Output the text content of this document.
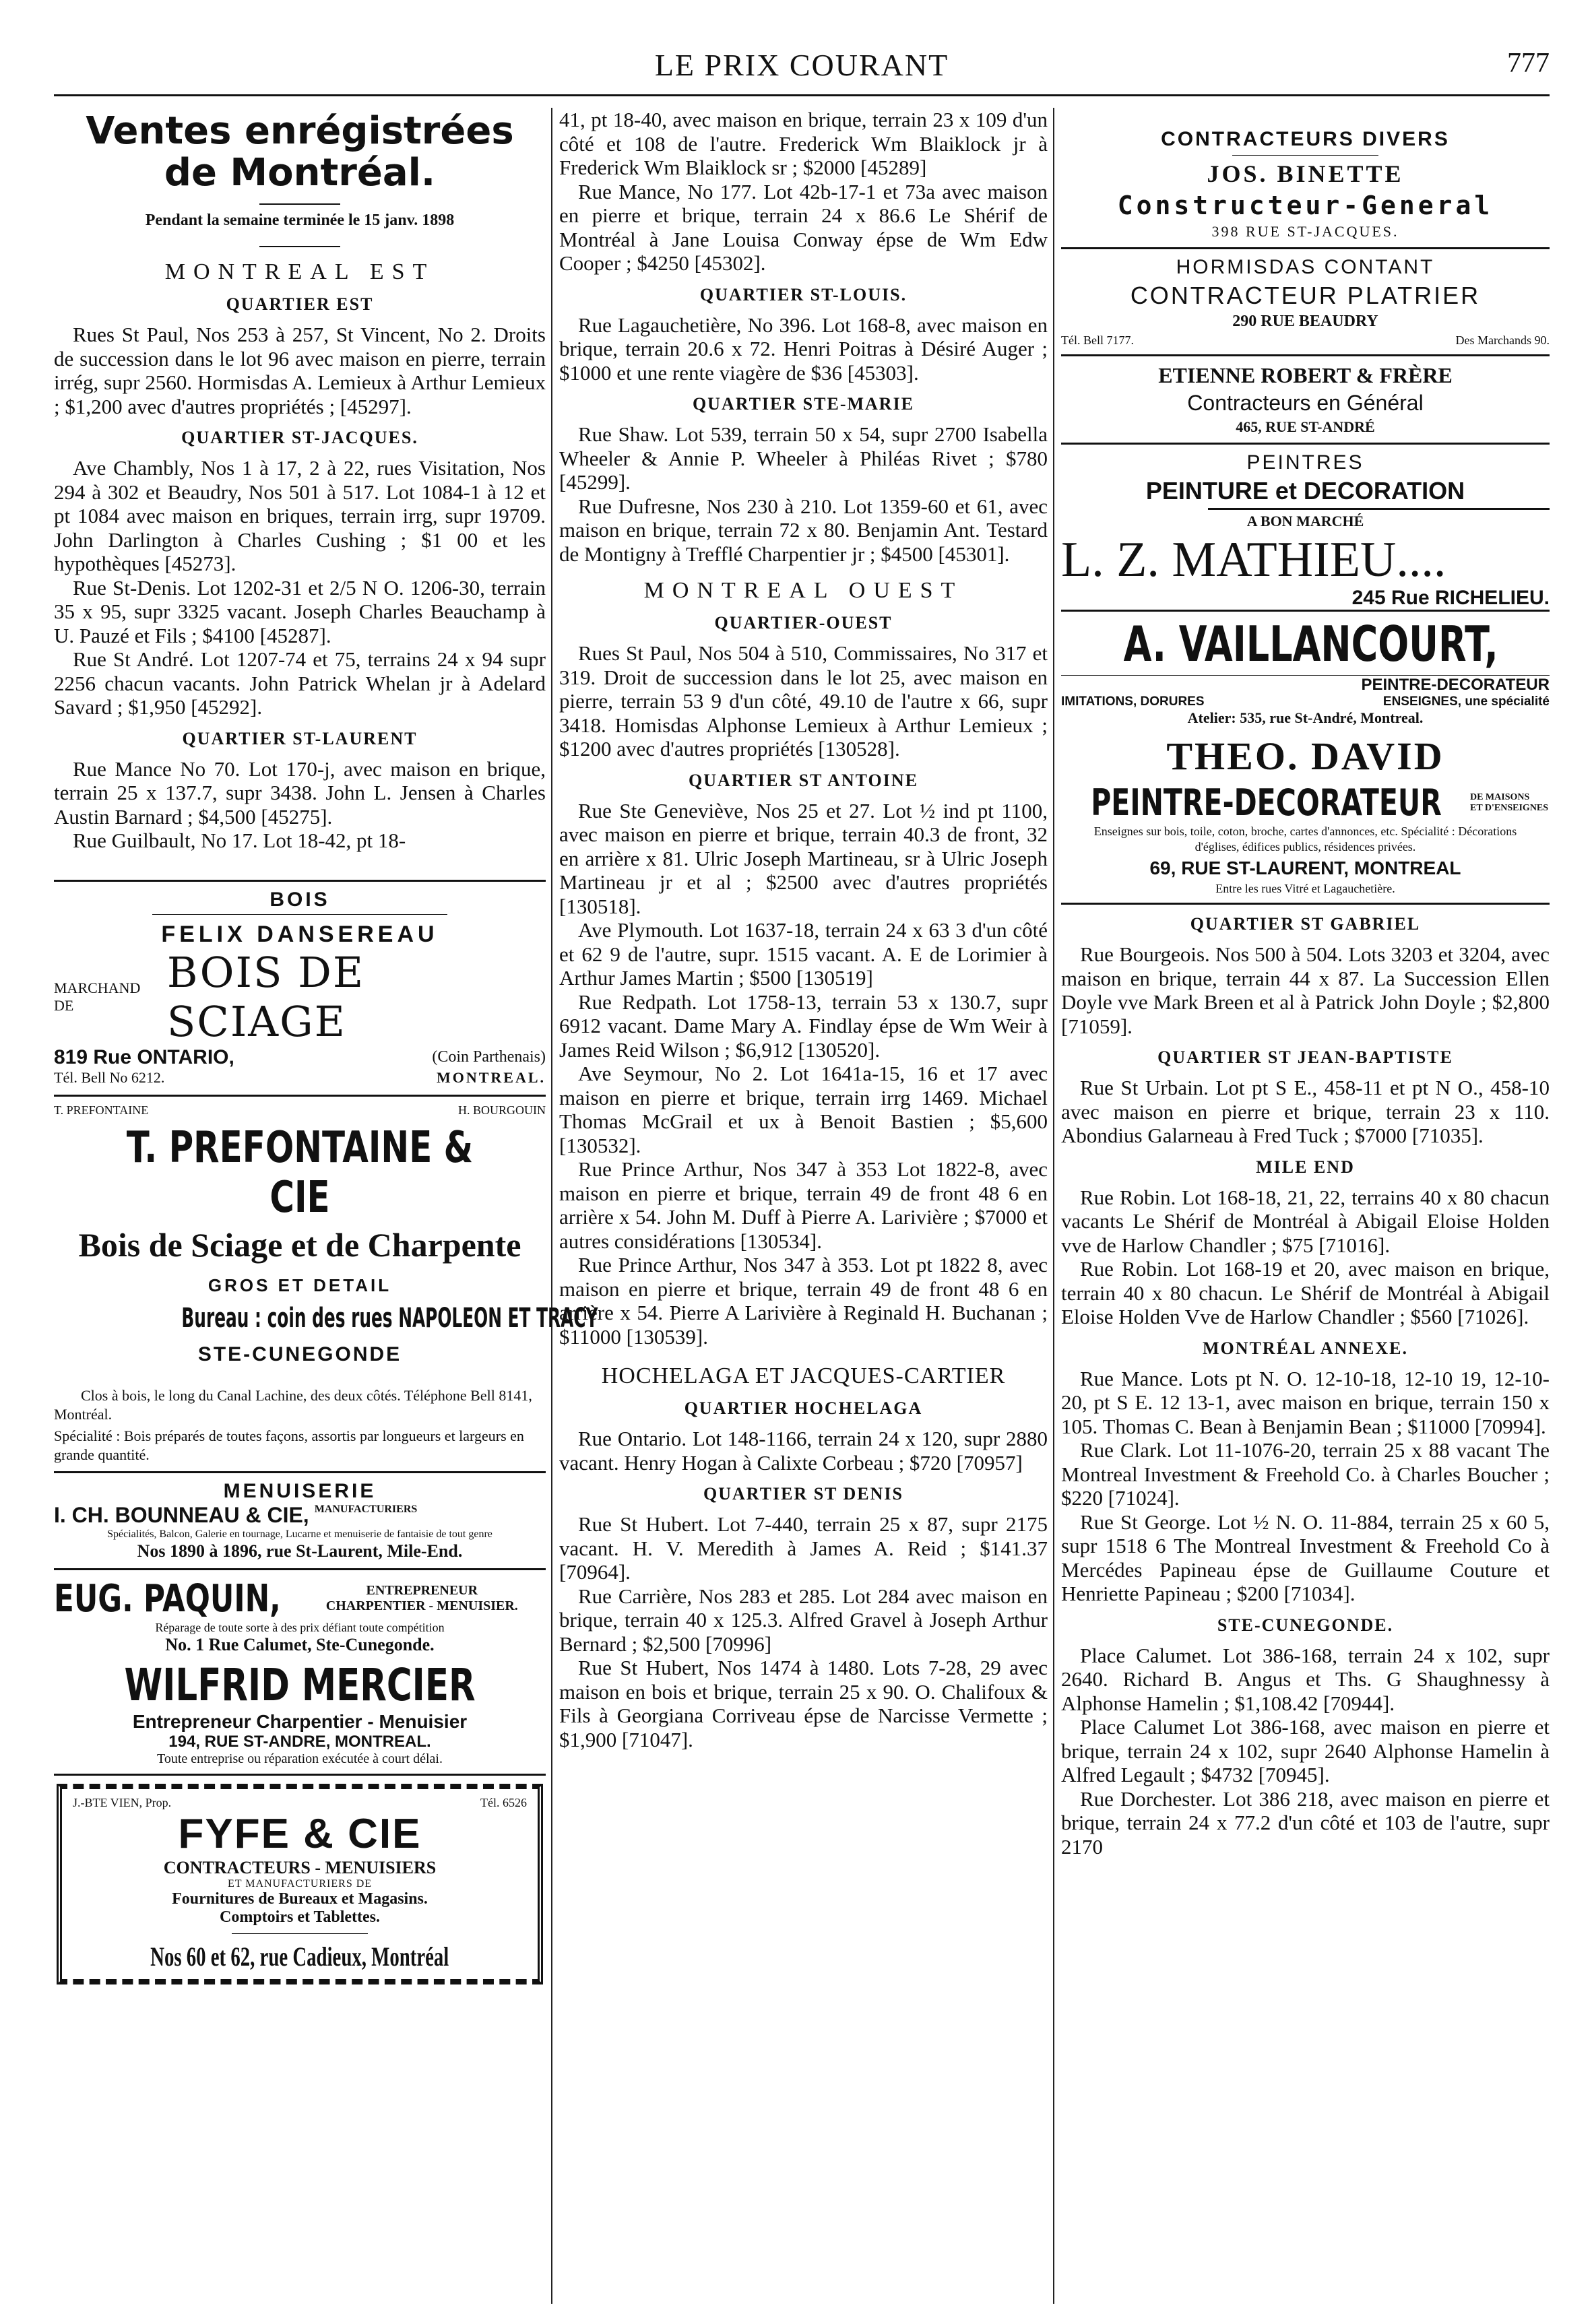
LE PRIX COURANT	777
Ventes enrégistrées
de Montréal.
Pendant la semaine terminée le 15 janv. 1898
MONTREAL EST
QUARTIER EST

Rues St Paul, Nos 253 à 257, St Vincent, No 2. Droits de succession dans le lot 96 avec maison en pierre, terrain irrég, supr 2560. Hormisdas A. Lemieux à Arthur Lemieux ; $1,200 avec d'autres propriétés ; [45297].

QUARTIER ST-JACQUES.

Ave Chambly, Nos 1 à 17, 2 à 22, rues Visitation, Nos 294 à 302 et Beaudry, Nos 501 à 517. Lot 1084-1 à 12 et pt 1084 avec maison en briques, terrain irrg, supr 19709. John Darlington à Charles Cushing ; $1 00 et les hypothèques [45273].

Rue St-Denis. Lot 1202-31 et 2/5 N O. 1206-30, terrain 35 x 95, supr 3325 vacant. Joseph Charles Beauchamp à U. Pauzé et Fils ; $4100 [45287].

Rue St André. Lot 1207-74 et 75, terrains 24 x 94 supr 2256 chacun vacants. John Patrick Whelan jr à Adelard Savard ; $1,950 [45292].

QUARTIER ST-LAURENT

Rue Mance No 70. Lot 170-j, avec maison en brique, terrain 25 x 137.7, supr 3438. John L. Jensen à Charles Austin Barnard ; $4,500 [45275].

Rue Guilbault, No 17. Lot 18-42, pt 18-

BOIS
FELIX DANSEREAU
MARCHAND DE
BOIS DE SCIAGE
819 Rue ONTARIO,	(Coin Parthenais)
Tél. Bell No 6212.	MONTREAL.
T. PREFONTAINE	H. BOURGOUIN
T. PREFONTAINE & CIE
Bois de Sciage et de Charpente
GROS ET DETAIL
Bureau : coin des rues NAPOLEON ET TRACY
STE-CUNEGONDE

Clos à bois, le long du Canal Lachine, des deux côtés. Téléphone Bell 8141, Montréal.

Spécialité : Bois préparés de toutes façons, assortis par longueurs et largeurs en grande quantité.

MENUISERIE
I. CH. BOUNNEAU & CIE, MANUFACTURIERS
Spécialités, Balcon, Galerie en tournage, Lucarne et menuiserie de fantaisie de tout genre
Nos 1890 à 1896, rue St-Laurent, Mile-End.
EUG. PAQUIN,	ENTREPRENEUR
CHARPENTIER - MENUISIER.
Réparage de toute sorte à des prix défiant toute compétition
No. 1 Rue Calumet, Ste-Cunegonde.
WILFRID MERCIER
Entrepreneur Charpentier - Menuisier
194, RUE ST-ANDRE, MONTREAL.
Toute entreprise ou réparation exécutée à court délai.
J.-BTE VIEN, Prop.	Tél. 6526
FYFE & CIE
CONTRACTEURS - MENUISIERS
ET MANUFACTURIERS DE
Fournitures de Bureaux et Magasins.
Comptoirs et Tablettes.
Nos 60 et 62, rue Cadieux, Montréal

41, pt 18-40, avec maison en brique, terrain 23 x 109 d'un côté et 108 de l'autre. Frederick Wm Blaiklock jr à Frederick Wm Blaiklock sr ; $2000 [45289]

Rue Mance, No 177. Lot 42b-17-1 et 73a avec maison en pierre et brique, terrain 24 x 86.6 Le Shérif de Montréal à Jane Louisa Conway épse de Wm Edw Cooper ; $4250 [45302].

QUARTIER ST-LOUIS.

Rue Lagauchetière, No 396. Lot 168-8, avec maison en brique, terrain 20.6 x 72. Henri Poitras à Désiré Auger ; $1000 et une rente viagère de $36 [45303].

QUARTIER STE-MARIE

Rue Shaw. Lot 539, terrain 50 x 54, supr 2700 Isabella Wheeler & Annie P. Wheeler à Philéas Rivet ; $780 [45299].

Rue Dufresne, Nos 230 à 210. Lot 1359-60 et 61, avec maison en brique, terrain 72 x 80. Benjamin Ant. Testard de Montigny à Trefflé Charpentier jr ; $4500 [45301].

MONTREAL OUEST
QUARTIER-OUEST

Rues St Paul, Nos 504 à 510, Commissaires, No 317 et 319. Droit de succession dans le lot 25, avec maison en pierre, terrain 53 9 d'un côté, 49.10 de l'autre x 66, supr 3418. Homisdas Alphonse Lemieux à Arthur Lemieux ; $1200 avec d'autres propriétés [130528].

QUARTIER ST ANTOINE

Rue Ste Geneviève, Nos 25 et 27. Lot ½ ind pt 1100, avec maison en pierre et brique, terrain 40.3 de front, 32 en arrière x 81. Ulric Joseph Martineau, sr à Ulric Joseph Martineau jr et al ; $2500 avec d'autres propriétés [130518].

Ave Plymouth. Lot 1637-18, terrain 24 x 63 3 d'un côté et 62 9 de l'autre, supr. 1515 vacant. A. E de Lorimier à Arthur James Martin ; $500 [130519]

Rue Redpath. Lot 1758-13, terrain 53 x 130.7, supr 6912 vacant. Dame Mary A. Findlay épse de Wm Weir à James Reid Wilson ; $6,912 [130520].

Ave Seymour, No 2. Lot 1641a-15, 16 et 17 avec maison en pierre et brique, terrain irrg 1469. Michael Thomas McGrail et ux à Benoit Bastien ; $5,600 [130532].

Rue Prince Arthur, Nos 347 à 353 Lot 1822-8, avec maison en pierre et brique, terrain 49 de front 48 6 en arrière x 54. John M. Duff à Pierre A. Larivière ; $7000 et autres considérations [130534].

Rue Prince Arthur, Nos 347 à 353. Lot pt 1822 8, avec maison en pierre et brique, terrain 49 de front 48 6 en arrière x 54. Pierre A Larivière à Reginald H. Buchanan ; $11000 [130539].

HOCHELAGA ET JACQUES-CARTIER
QUARTIER HOCHELAGA

Rue Ontario. Lot 148-1166, terrain 24 x 120, supr 2880 vacant. Henry Hogan à Calixte Corbeau ; $720 [70957]

QUARTIER ST DENIS

Rue St Hubert. Lot 7-440, terrain 25 x 87, supr 2175 vacant. H. V. Meredith à James A. Reid ; $141.37 [70964].

Rue Carrière, Nos 283 et 285. Lot 284 avec maison en brique, terrain 40 x 125.3. Alfred Gravel à Joseph Arthur Bernard ; $2,500 [70996]

Rue St Hubert, Nos 1474 à 1480. Lots 7-28, 29 avec maison en bois et brique, terrain 25 x 90. O. Chalifoux & Fils à Georgiana Corriveau épse de Narcisse Vermette ; $1,900 [71047].

CONTRACTEURS DIVERS
JOS. BINETTE
Constructeur-General
398 RUE ST-JACQUES.
HORMISDAS CONTANT
CONTRACTEUR PLATRIER
290 RUE BEAUDRY
Tél. Bell 7177.	Des Marchands 90.
ETIENNE ROBERT & FRÈRE
Contracteurs en Général
465, RUE ST-ANDRÉ
PEINTRES
PEINTURE et DECORATION
A BON MARCHÉ
L. Z. MATHIEU....
245 Rue RICHELIEU.
A. VAILLANCOURT,
PEINTRE-DECORATEUR
IMITATIONS, DORURES	ENSEIGNES, une spécialité
Atelier: 535, rue St-André, Montreal.
THEO. DAVID
PEINTRE-DECORATEUR	DE MAISONS
ET D'ENSEIGNES
Enseignes sur bois, toile, coton, broche, cartes d'annonces, etc. Spécialité : Décorations d'églises, édifices publics, résidences privées.
69, RUE ST-LAURENT, MONTREAL
Entre les rues Vitré et Lagauchetière.
QUARTIER ST GABRIEL

Rue Bourgeois. Nos 500 à 504. Lots 3203 et 3204, avec maison en brique, terrain 44 x 87. La Succession Ellen Doyle vve Mark Breen et al à Patrick John Doyle ; $2,800 [71059].

QUARTIER ST JEAN-BAPTISTE

Rue St Urbain. Lot pt S E., 458-11 et pt N O., 458-10 avec maison en pierre et brique, terrain 23 x 110. Abondius Galarneau à Fred Tuck ; $7000 [71035].

MILE END

Rue Robin. Lot 168-18, 21, 22, terrains 40 x 80 chacun vacants Le Shérif de Montréal à Abigail Eloise Holden vve de Harlow Chandler ; $75 [71016].

Rue Robin. Lot 168-19 et 20, avec maison en brique, terrain 40 x 80 chacun. Le Shérif de Montréal à Abigail Eloise Holden Vve de Harlow Chandler ; $560 [71026].

MONTRÉAL ANNEXE.

Rue Mance. Lots pt N. O. 12-10-18, 12-10 19, 12-10-20, pt S E. 12 13-1, avec maison en brique, terrain 150 x 105. Thomas C. Bean à Benjamin Bean ; $11000 [70994].

Rue Clark. Lot 11-1076-20, terrain 25 x 88 vacant The Montreal Investment & Freehold Co. à Charles Boucher ; $220 [71024].

Rue St George. Lot ½ N. O. 11-884, terrain 25 x 60 5, supr 1518 6 The Montreal Investment & Freehold Co à Mercédes Papineau épse de Guillaume Couture et Henriette Papineau ; $200 [71034].

STE-CUNEGONDE.

Place Calumet. Lot 386-168, terrain 24 x 102, supr 2640. Richard B. Angus et Ths. G Shaughnessy à Alphonse Hamelin ; $1,108.42 [70944].

Place Calumet Lot 386-168, avec maison en pierre et brique, terrain 24 x 102, supr 2640 Alphonse Hamelin à Alfred Legault ; $4732 [70945].

Rue Dorchester. Lot 386 218, avec maison en pierre et brique, terrain 24 x 77.2 d'un côté et 103 de l'autre, supr 2170
